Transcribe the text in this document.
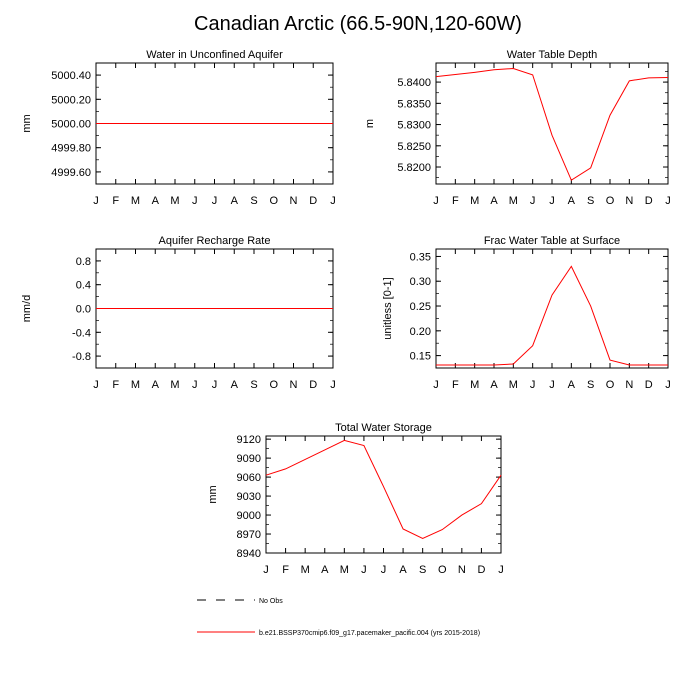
Canadian Arctic (66.5-90N,120-60W)
Water in Unconfined Aquifer
mm
4999.60
4999.80
5000.00
5000.20
5000.40
J F M A M J J A S O N D J
Water Table Depth
m
5.8200
5.8250
5.8300
5.8350
5.8400
J F M A M J J A S O N D J
Aquifer Recharge Rate
mm/d
-0.8
-0.4
0.0
0.4
0.8
J F M A M J J A S O N D J
Frac Water Table at Surface
unitless [0-1]
0.15
0.20
0.25
0.30
0.35
J F M A M J J A S O N D J
Total Water Storage
mm
8940
8970
9000
9030
9060
9090
9120
J F M A M J J A S O N D J
No Obs
b.e21.BSSP370cmip6.f09_g17.pacemaker_pacific.004 (yrs 2015-2018)
